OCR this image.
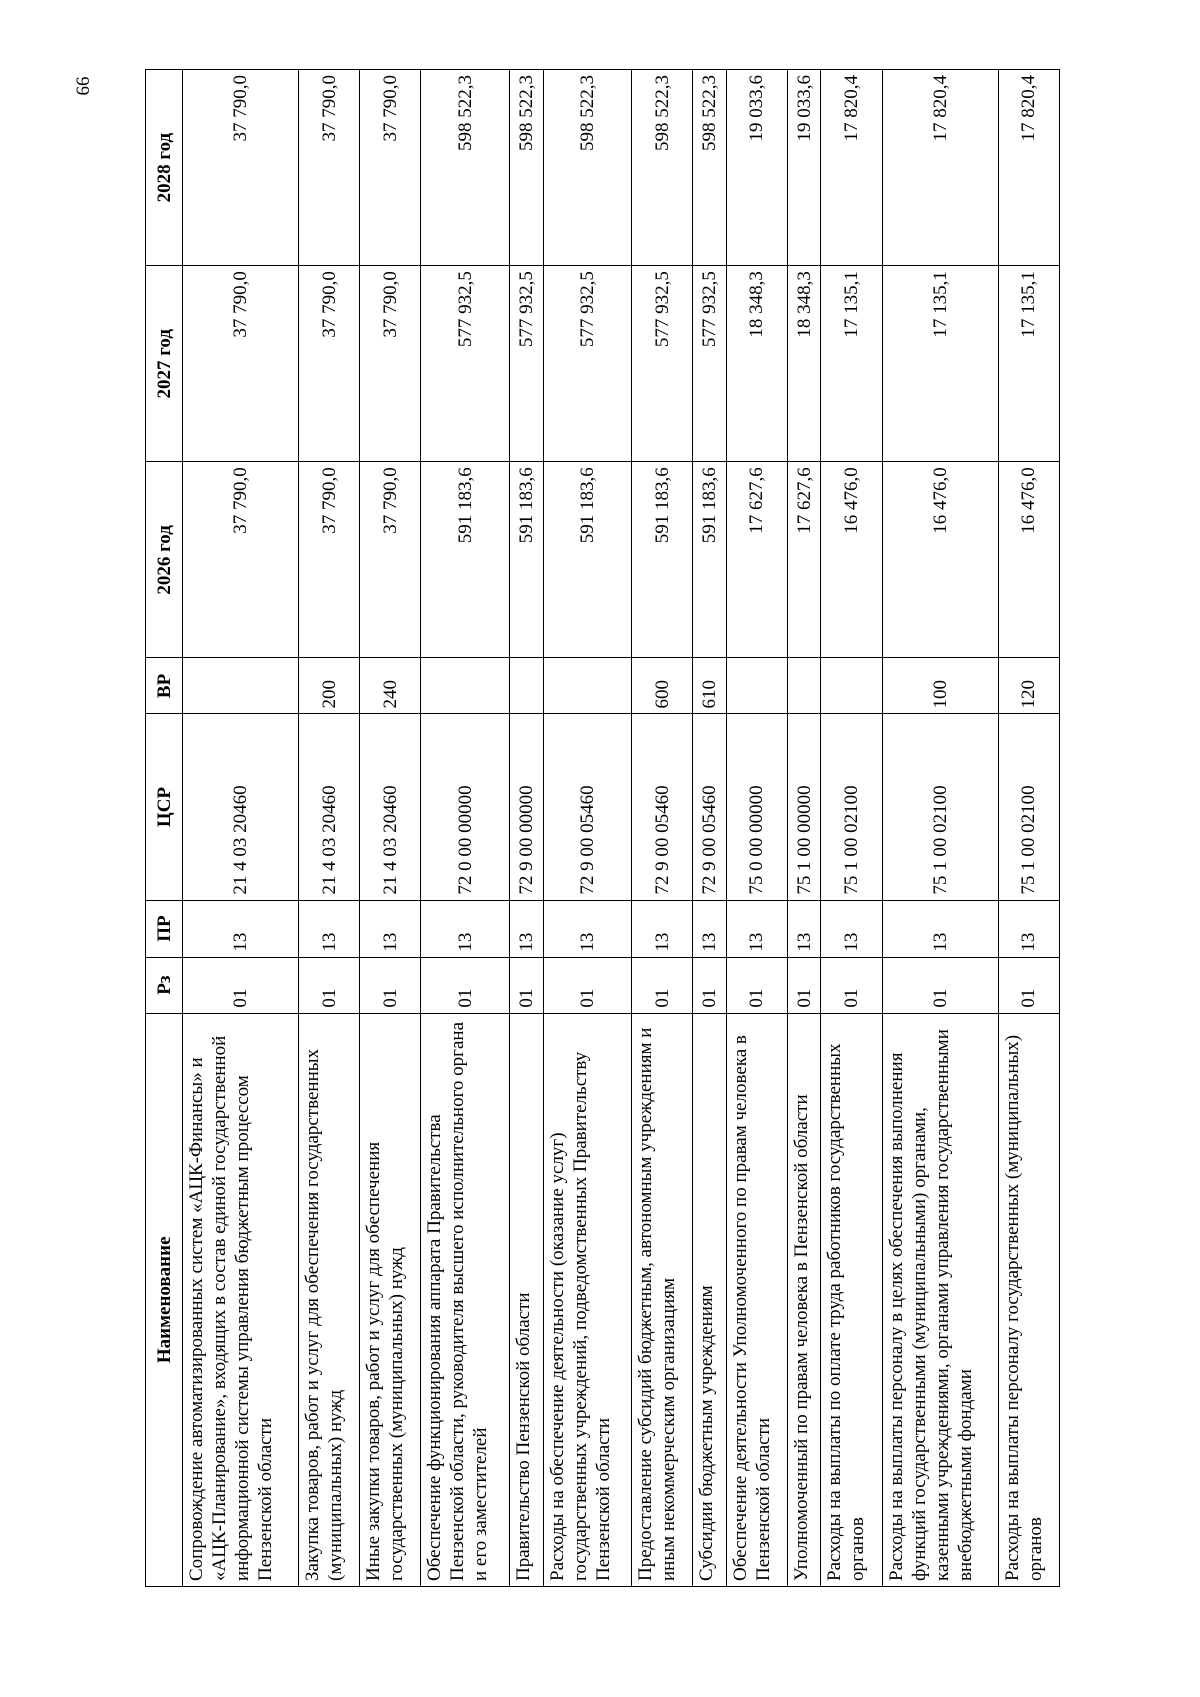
66
Наименование	Рз	ПР	ЦСР	ВР	2026 год	2027 год	2028 год
Сопровождение автоматизированных систем «АЦК-Финансы» и «АЦК-Планирование», входящих в состав единой государственной информационной системы управления бюджетным процессом Пензенской области	01	13	21 4 03 20460		37 790,0	37 790,0	37 790,0
Закупка товаров, работ и услуг для обеспечения государственных (муниципальных) нужд	01	13	21 4 03 20460	200	37 790,0	37 790,0	37 790,0
Иные закупки товаров, работ и услуг для обеспечения государственных (муниципальных) нужд	01	13	21 4 03 20460	240	37 790,0	37 790,0	37 790,0
Обеспечение функционирования аппарата Правительства Пензенской области, руководителя высшего исполнительного органа и его заместителей	01	13	72 0 00 00000		591 183,6	577 932,5	598 522,3
Правительство Пензенской области	01	13	72 9 00 00000		591 183,6	577 932,5	598 522,3
Расходы на обеспечение деятельности (оказание услуг) государственных учреждений, подведомственных Правительству Пензенской области	01	13	72 9 00 05460		591 183,6	577 932,5	598 522,3
Предоставление субсидий бюджетным, автономным учреждениям и иным некоммерческим организациям	01	13	72 9 00 05460	600	591 183,6	577 932,5	598 522,3
Субсидии бюджетным учреждениям	01	13	72 9 00 05460	610	591 183,6	577 932,5	598 522,3
Обеспечение деятельности Уполномоченного по правам человека в Пензенской области	01	13	75 0 00 00000		17 627,6	18 348,3	19 033,6
Уполномоченный по правам человека в Пензенской области	01	13	75 1 00 00000		17 627,6	18 348,3	19 033,6
Расходы на выплаты по оплате труда работников государственных органов	01	13	75 1 00 02100		16 476,0	17 135,1	17 820,4
Расходы на выплаты персоналу в целях обеспечения выполнения функций государственными (муниципальными) органами, казенными учреждениями, органами управления государственными внебюджетными фондами	01	13	75 1 00 02100	100	16 476,0	17 135,1	17 820,4
Расходы на выплаты персоналу государственных (муниципальных) органов	01	13	75 1 00 02100	120	16 476,0	17 135,1	17 820,4
